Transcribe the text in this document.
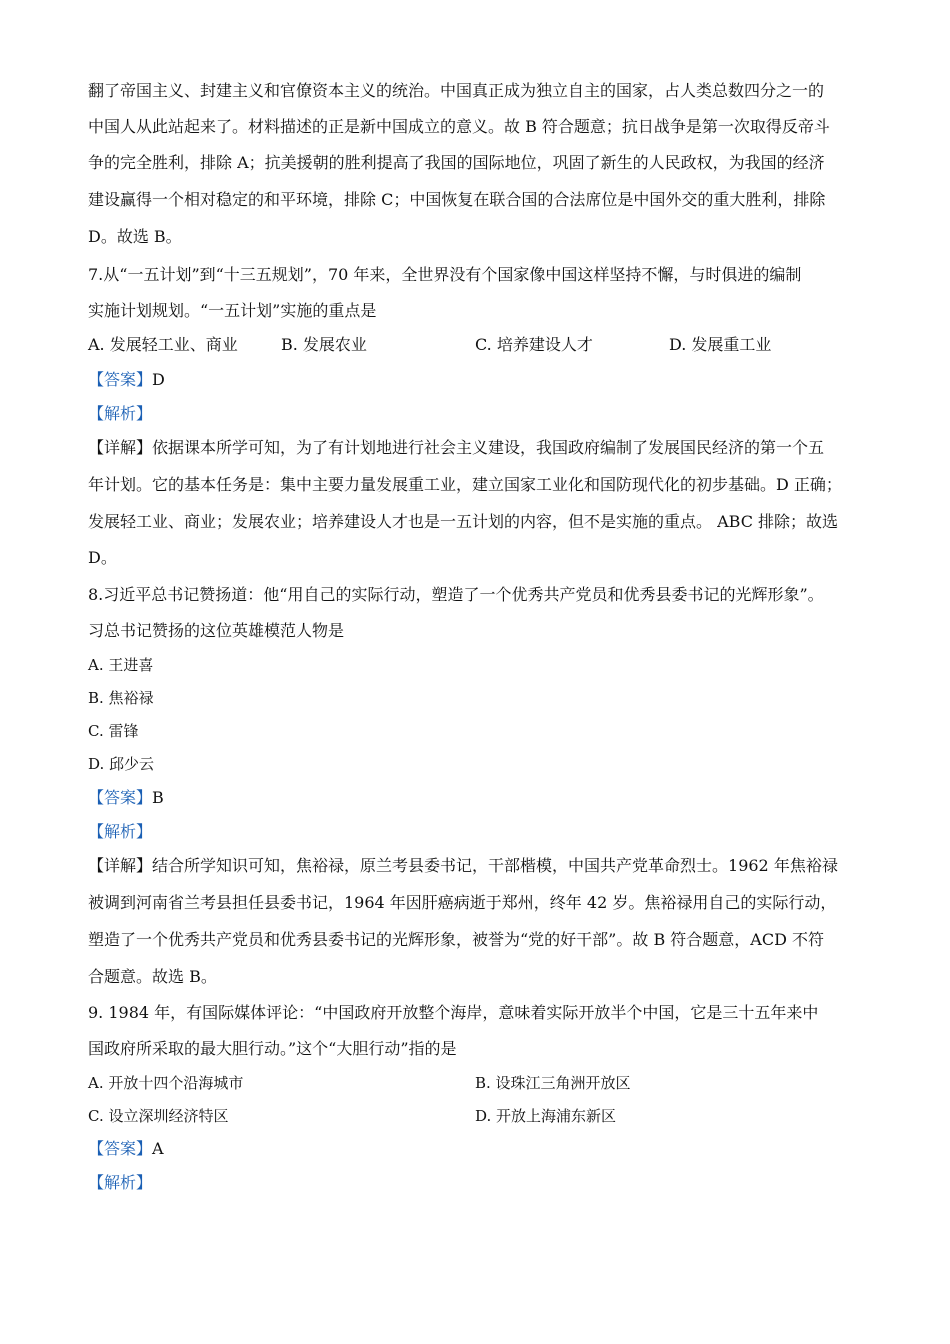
翻了帝国主义、封建主义和官僚资本主义的统治。中国真正成为独立自主的国家，占人类总数四分之一的
中国人从此站起来了。材料描述的正是新中国成立的意义。故 B 符合题意；抗日战争是第一次取得反帝斗
争的完全胜利，排除 A；抗美援朝的胜利提高了我国的国际地位，巩固了新生的人民政权，为我国的经济
建设赢得一个相对稳定的和平环境，排除 C；中国恢复在联合国的合法席位是中国外交的重大胜利，排除
D。故选 B。
7.从“一五计划”到“十三五规划”，70 年来，全世界没有个国家像中国这样坚持不懈，与时俱进的编制
实施计划规划。“一五计划”实施的重点是
A. 发展轻工业、商业	B. 发展农业	C. 培养建设人才	D. 发展重工业
【答案】D
【解析】
【详解】依据课本所学可知，为了有计划地进行社会主义建设，我国政府编制了发展国民经济的第一个五
年计划。它的基本任务是：集中主要力量发展重工业，建立国家工业化和国防现代化的初步基础。D 正确；
发展轻工业、商业；发展农业；培养建设人才也是一五计划的内容，但不是实施的重点。 ABC 排除；故选
D。
8.习近平总书记赞扬道：他“用自己的实际行动，塑造了一个优秀共产党员和优秀县委书记的光辉形象”。
习总书记赞扬的这位英雄模范人物是
A. 王进喜
B. 焦裕禄
C. 雷锋
D. 邱少云
【答案】B
【解析】
【详解】结合所学知识可知，焦裕禄，原兰考县委书记，干部楷模，中国共产党革命烈士。1962 年焦裕禄
被调到河南省兰考县担任县委书记，1964 年因肝癌病逝于郑州，终年 42 岁。焦裕禄用自己的实际行动，
塑造了一个优秀共产党员和优秀县委书记的光辉形象，被誉为“党的好干部”。故 B 符合题意，ACD 不符
合题意。故选 B。
9. 1984 年，有国际媒体评论：“中国政府开放整个海岸，意味着实际开放半个中国，它是三十五年来中
国政府所采取的最大胆行动。”这个“大胆行动”指的是
A. 开放十四个沿海城市	B. 设珠江三角洲开放区
C. 设立深圳经济特区	D. 开放上海浦东新区
【答案】A
【解析】
